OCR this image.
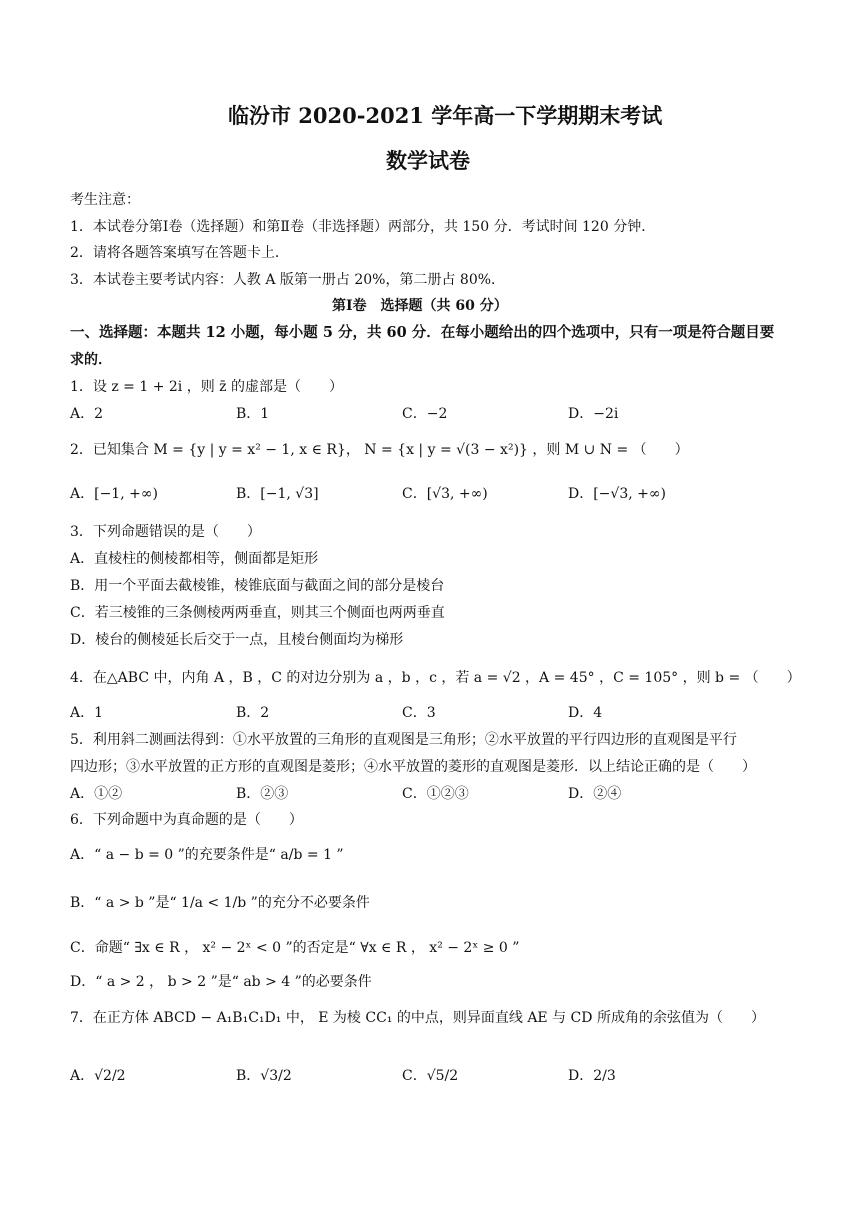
临汾市 2020-2021 学年高一下学期期末考试
数学试卷
考生注意：
1．本试卷分第Ⅰ卷（选择题）和第Ⅱ卷（非选择题）两部分，共 150 分．考试时间 120 分钟．
2．请将各题答案填写在答题卡上．
3．本试卷主要考试内容：人教 A 版第一册占 20%，第二册占 80%．
第Ⅰ卷　选择题（共 60 分）
一、选择题：本题共 12 小题，每小题 5 分，共 60 分．在每小题给出的四个选项中，只有一项是符合题目要
求的．
1．设 z = 1 + 2i ，则 z̄ 的虚部是（　　）
A．2	B．1	C．−2	D．−2i
2．已知集合 M = {y | y = x² − 1, x ∈ R}， N = {x | y = √(3 − x²)} ，则 M ∪ N = （　　）
A．[−1, +∞)	B．[−1, √3]	C．[√3, +∞)	D．[−√3, +∞)
3．下列命题错误的是（　　）
A．直棱柱的侧棱都相等，侧面都是矩形
B．用一个平面去截棱锥，棱锥底面与截面之间的部分是棱台
C．若三棱锥的三条侧棱两两垂直，则其三个侧面也两两垂直
D．棱台的侧棱延长后交于一点，且棱台侧面均为梯形
4．在△ABC 中，内角 A ，B ，C 的对边分别为 a ，b ，c ，若 a = √2 ，A = 45° ，C = 105° ，则 b = （　　）
A．1	B．2	C．3	D．4
5．利用斜二测画法得到：①水平放置的三角形的直观图是三角形；②水平放置的平行四边形的直观图是平行
四边形；③水平放置的正方形的直观图是菱形；④水平放置的菱形的直观图是菱形．以上结论正确的是（　　）
A．①②	B．②③	C．①②③	D．②④
6．下列命题中为真命题的是（　　）
A．“ a − b = 0 ”的充要条件是“ a/b = 1 ”
B．“ a > b ”是“ 1/a < 1/b ”的充分不必要条件
C．命题“ ∃x ∈ R ， x² − 2ˣ < 0 ”的否定是“ ∀x ∈ R ， x² − 2ˣ ≥ 0 ”
D．“ a > 2 ， b > 2 ”是“ ab > 4 ”的必要条件
7．在正方体 ABCD − A₁B₁C₁D₁ 中， E 为棱 CC₁ 的中点，则异面直线 AE 与 CD 所成角的余弦值为（　　）
A．√2/2	B．√3/2	C．√5/2	D．2/3
